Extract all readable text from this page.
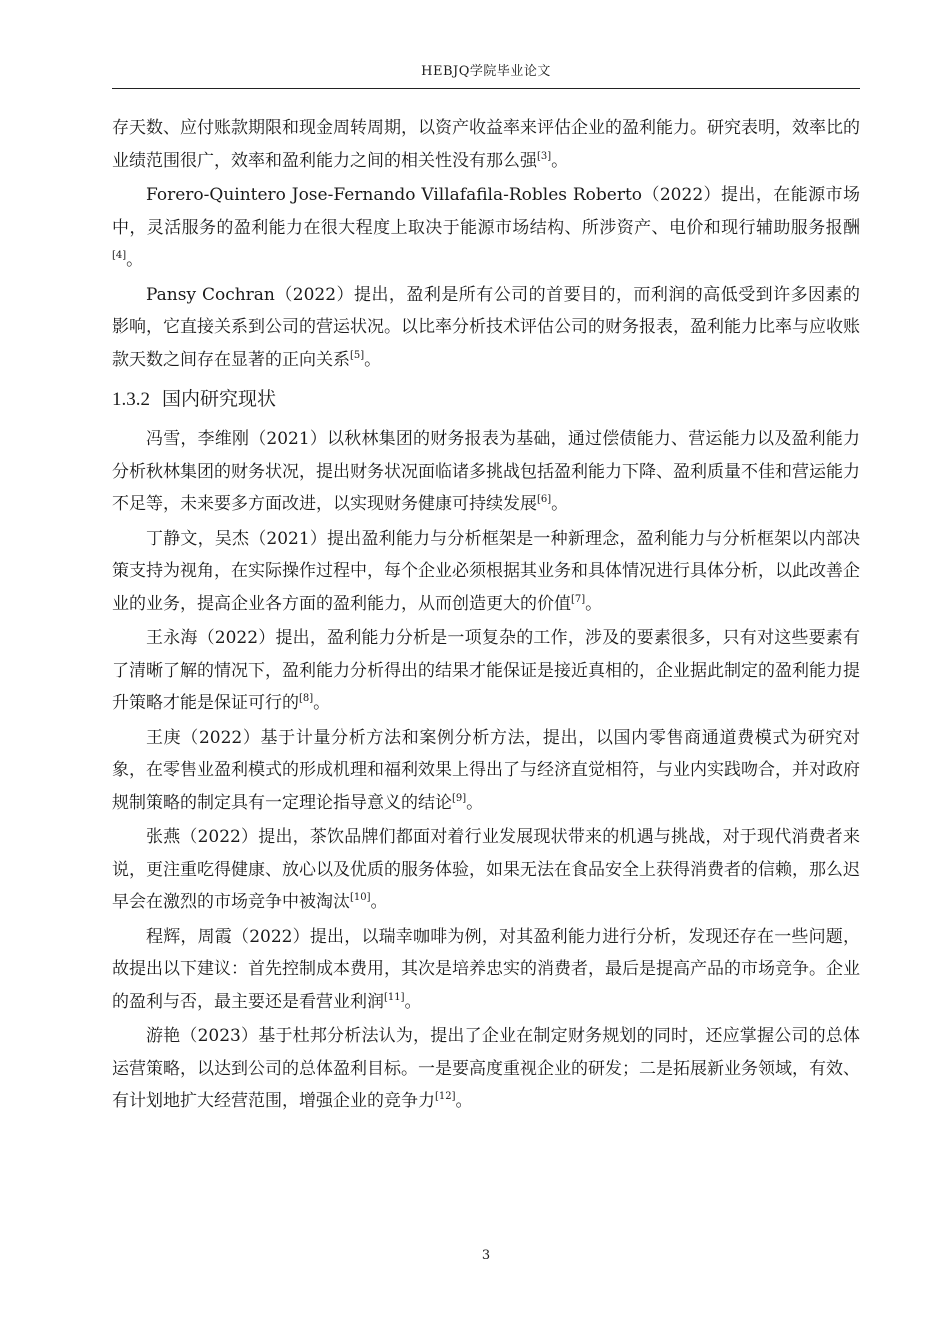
HEBJQ学院毕业论文

存天数、应付账款期限和现金周转周期，以资产收益率来评估企业的盈利能力。研究表明，效率比的业绩范围很广，效率和盈利能力之间的相关性没有那么强[3]。

Forero-Quintero Jose-Fernando Villafafila-Robles Roberto（2022）提出，在能源市场中，灵活服务的盈利能力在很大程度上取决于能源市场结构、所涉资产、电价和现行辅助服务报酬[4]。

Pansy Cochran（2022）提出，盈利是所有公司的首要目的，而利润的高低受到许多因素的影响，它直接关系到公司的营运状况。以比率分析技术评估公司的财务报表，盈利能力比率与应收账款天数之间存在显著的正向关系[5]。

1.3.2 国内研究现状

冯雪，李维刚（2021）以秋林集团的财务报表为基础，通过偿债能力、营运能力以及盈利能力分析秋林集团的财务状况，提出财务状况面临诸多挑战包括盈利能力下降、盈利质量不佳和营运能力不足等，未来要多方面改进，以实现财务健康可持续发展[6]。

丁静文，吴杰（2021）提出盈利能力与分析框架是一种新理念，盈利能力与分析框架以内部决策支持为视角，在实际操作过程中，每个企业必须根据其业务和具体情况进行具体分析，以此改善企业的业务，提高企业各方面的盈利能力，从而创造更大的价值[7]。

王永海（2022）提出，盈利能力分析是一项复杂的工作，涉及的要素很多，只有对这些要素有了清晰了解的情况下，盈利能力分析得出的结果才能保证是接近真相的，企业据此制定的盈利能力提升策略才能是保证可行的[8]。

王庚（2022）基于计量分析方法和案例分析方法，提出，以国内零售商通道费模式为研究对象，在零售业盈利模式的形成机理和福利效果上得出了与经济直觉相符，与业内实践吻合，并对政府规制策略的制定具有一定理论指导意义的结论[9]。

张燕（2022）提出，茶饮品牌们都面对着行业发展现状带来的机遇与挑战，对于现代消费者来说，更注重吃得健康、放心以及优质的服务体验，如果无法在食品安全上获得消费者的信赖，那么迟早会在激烈的市场竞争中被淘汰[10]。

程辉，周霞（2022）提出，以瑞幸咖啡为例，对其盈利能力进行分析，发现还存在一些问题，故提出以下建议：首先控制成本费用，其次是培养忠实的消费者，最后是提高产品的市场竞争。企业的盈利与否，最主要还是看营业利润[11]。

游艳（2023）基于杜邦分析法认为，提出了企业在制定财务规划的同时，还应掌握公司的总体运营策略，以达到公司的总体盈利目标。一是要高度重视企业的研发；二是拓展新业务领域，有效、有计划地扩大经营范围，增强企业的竞争力[12]。

3
